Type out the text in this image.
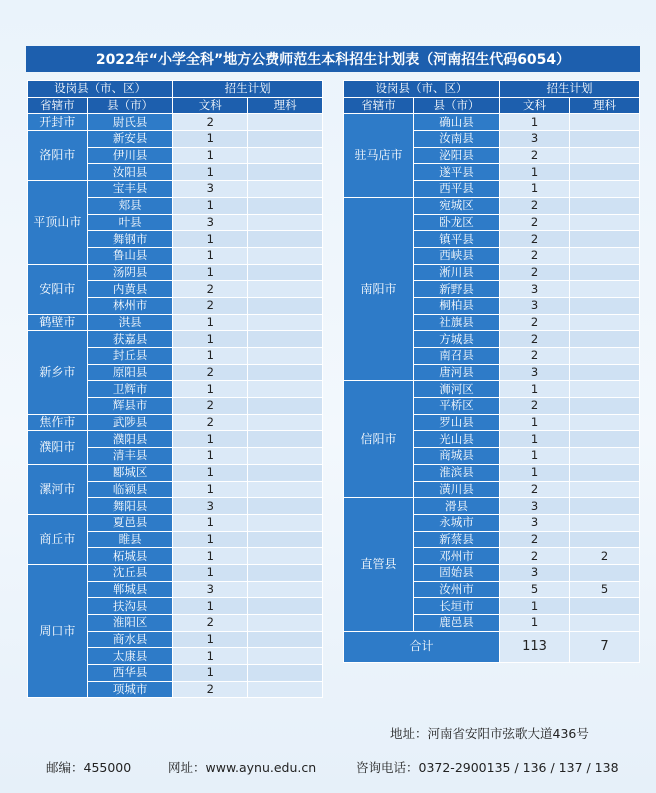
2022年“小学全科”地方公费师范生本科招生计划表（河南招生代码6054）
设岗县（市、区）		招生计划	
省辖市	县（市）	文科	理科
开封市	尉氏县	2	
洛阳市	新安县	1	
	伊川县	1	
	汝阳县	1	
平顶山市	宝丰县	3	
	郏县	1	
	叶县	3	
	舞钢市	1	
	鲁山县	1	
安阳市	汤阴县	1	
	内黄县	2	
	林州市	2	
鹤壁市	淇县	1	
新乡市	获嘉县	1	
	封丘县	1	
	原阳县	2	
	卫辉市	1	
	辉县市	2	
焦作市	武陟县	2	
濮阳市	濮阳县	1	
	清丰县	1	
漯河市	郾城区	1	
	临颍县	1	
	舞阳县	3	
商丘市	夏邑县	1	
	睢县	1	
	柘城县	1	
周口市	沈丘县	1	
	郸城县	3	
	扶沟县	1	
	淮阳区	2	
	商水县	1	
	太康县	1	
	西华县	1	
	项城市	2	
设岗县（市、区）		招生计划	
省辖市	县（市）	文科	理科
驻马店市	确山县	1	
	汝南县	3	
	泌阳县	2	
	遂平县	1	
	西平县	1	
南阳市	宛城区	2	
	卧龙区	2	
	镇平县	2	
	西峡县	2	
	淅川县	2	
	新野县	3	
	桐柏县	3	
	社旗县	2	
	方城县	2	
	南召县	2	
	唐河县	3	
信阳市	浉河区	1	
	平桥区	2	
	罗山县	1	
	光山县	1	
	商城县	1	
	淮滨县	1	
	潢川县	2	
直管县	滑县	3	
	永城市	3	
	新蔡县	2	
	邓州市	2	2
	固始县	3	
	汝州市	5	5
	长垣市	1	
	鹿邑县	1	
合计		113	7
地址：河南省安阳市弦歌大道436号
邮编：455000	网址：www.aynu.edu.cn	咨询电话：0372-2900135 / 136 / 137 / 138
